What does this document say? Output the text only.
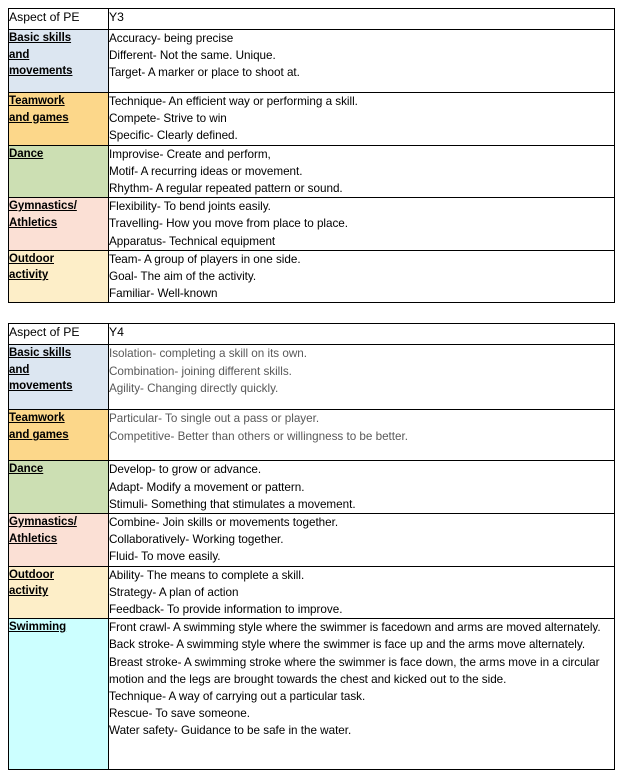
Aspect of PE	Y3

Basic skills
and
movements	Accuracy- being precise
Different- Not the same. Unique.
Target- A marker or place to shoot at.

Teamwork
and games	Technique- An efficient way or performing a skill.
Compete- Strive to win
Specific- Clearly defined.

Dance	Improvise- Create and perform,
Motif- A recurring ideas or movement.
Rhythm- A regular repeated pattern or sound.

Gymnastics/
Athletics	Flexibility- To bend joints easily.
Travelling- How you move from place to place.
Apparatus- Technical equipment

Outdoor
activity	Team- A group of players in one side.
Goal- The aim of the activity.
Familiar- Well-known
Aspect of PE	Y4

Basic skills
and
movements	Isolation- completing a skill on its own.
Combination- joining different skills.
Agility- Changing directly quickly.

Teamwork
and games	Particular- To single out a pass or player.
Competitive- Better than others or willingness to be better.

Dance	Develop- to grow or advance.
Adapt- Modify a movement or pattern.
Stimuli- Something that stimulates a movement.

Gymnastics/
Athletics	Combine- Join skills or movements together.
Collaboratively- Working together.
Fluid- To move easily.

Outdoor
activity	Ability- The means to complete a skill.
Strategy- A plan of action
Feedback- To provide information to improve.

Swimming	Front crawl- A swimming style where the swimmer is facedown and arms are moved alternately.
Back stroke- A swimming style where the swimmer is face up and the arms move alternately.
Breast stroke- A swimming stroke where the swimmer is face down, the arms move in a circular motion and the legs are brought towards the chest and kicked out to the side.
Technique- A way of carrying out a particular task.
Rescue- To save someone.
Water safety- Guidance to be safe in the water.
